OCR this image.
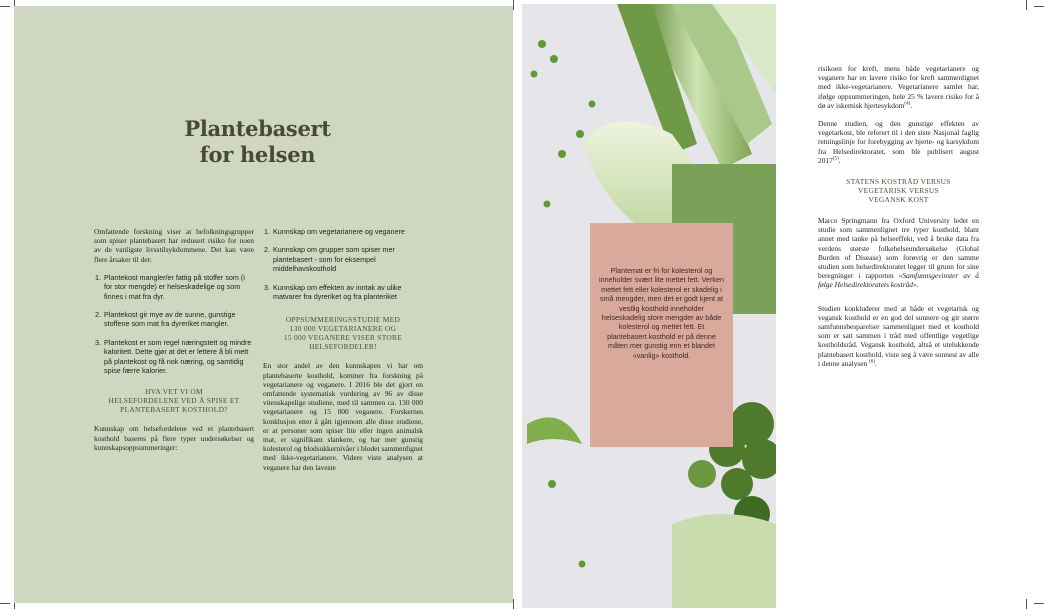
Plantebasert
for helsen

Omfattende forskning viser at befolkningsgrupper som spiser plantebasert har redusert risiko for noen av de vanligste livsstilsykdommene. Det kan være flere årsaker til det:

1. Plantekost mangler/er fattig på stoffer som (i for stor mengde) er helseskadelige og som finnes i mat fra dyr.
2. Plantekost gir mye av de sunne, gunstige stoffene som mat fra dyreriket mangler.
3. Plantekost er som regel næringstett og mindre kaloritett. Dette gjør at det er lettere å bli mett på plantekost og få nok næring, og samtidig spise færre kalorier.
HVA VET VI OM
HELSEFORDELENE VED Å SPISE ET
PLANTEBASERT KOSTHOLD?

Kunnskap om helsefordelene ved et plantebasert kosthold baseres på flere typer undersøkelser og kunnskapsoppsummeringer:

1. Kunnskap om vegetarianere og veganere
2. Kunnskap om grupper som spiser mer plantebasert - som for eksempel middelhavskosthold
3. Kunnskap om effekten av inntak av ulike matvarer fra dyreriket og fra planteriket
OPPSUMMERINGSSTUDIE MED
130 000 VEGETARIANERE OG
15 000 VEGANERE VISER STORE
HELSEFORDELER!

En stor andel av den kunnskapen vi har om plantebaserte kosthold, kommer fra forskning på vegetarianere og veganere. I 2016 ble det gjort en omfattende systematisk vurdering av 96 av disse vitenskapelige studiene, med til sammen ca. 130 000 vegetarianere og 15 000 veganere. Forskernes konklusjon etter å gått igjennom alle disse studiene, er at personer som spiser lite eller ingen animalsk mat, er signifikant slankere, og har mer gunstig kolesterol og blodsukkernivåer i blodet sammenlignet med ikke-vegetarianere. Videre viste analysen at veganere har den laveste

Plantemat er fri for kolesterol og inneholder svært lite mettet fett. Verken mettet fett eller kolesterol er skadelig i små mengder, men det er godt kjent at vestlig kosthold inneholder helseskadelig store mengder av både kolesterol og mettet fett. Et plantebasert kosthold er på denne måten mer gunstig enn et blandet «vanlig» kosthold.

risikoen for kreft, mens både vegetarianere og veganere har en lavere risiko for kreft sammenlignet med ikke-vegetarianere. Vegetarianere samlet har, ifølge oppsummeringen, hele 25 % lavere risiko for å dø av iskemisk hjertesykdom$^{(4)}$.

Denne studien, og den gunstige effekten av vegetarkost, ble referert til i den siste Nasjonal faglig retningslinje for forebygging av hjerte- og karsykdom fra Helsedirektoratet, som ble publisert august 2017$^{(5)}$.

STATENS KOSTRÅD VERSUS
VEGETARISK VERSUS
VEGANSK KOST

Marco Springmann fra Oxford University ledet en studie som sammenlignet tre typer kosthold, blant annet med tanke på helseeffekt, ved å bruke data fra verdens største folkehelseundersøkelse (Global Burden of Disease) som forøvrig er den samme studien som helsedirektoratet legger til grunn for sine beregninger i rapporten «Samfunnsgevinster av å følge Helsedirektoratets kostråd».

Studien konkluderer med at både et vegetarisk og vegansk kosthold er en god del sunnere og gir større samfunnsbesparelser sammenlignet med et kosthold som er satt sammen i tråd med offentlige vegetlige kostholdsråd. Vegansk kosthold, altså et utelukkende plantebasert kosthold, viste seg å være sunnest av alle i denne analysen $^{(6)}$.
